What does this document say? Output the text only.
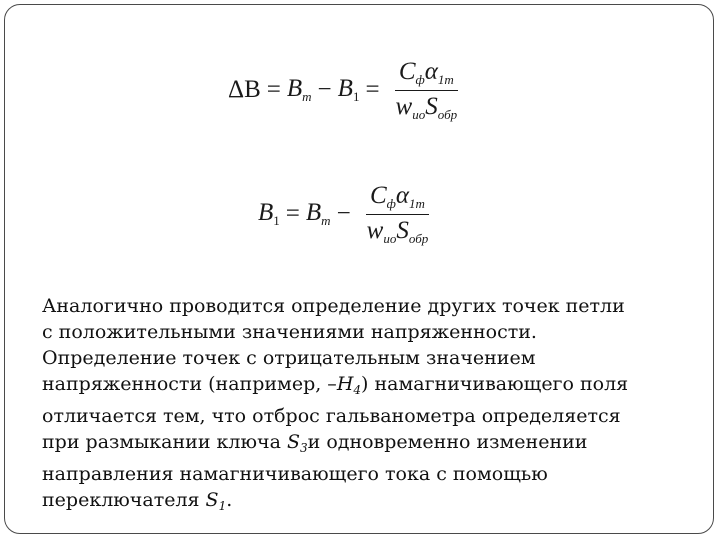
$\Delta B = B_m - B_1 = \frac{C_ф\alpha_{1m}}{w_{ио}S_{обр}}$
$B_1 = B_m - \frac{C_ф\alpha_{1m}}{w_{ио}S_{обр}}$

Аналогично проводится определение других точек петли
с положительными значениями напряженности.
Определение точек с отрицательным значением
напряженности (например, $-H_4$) намагничивающего поля
отличается тем, что отброс гальванометра определяется
при размыкании ключа $S_3и$ одновременно изменении
направления намагничивающего тока с помощью
переключателя $S_1$.
